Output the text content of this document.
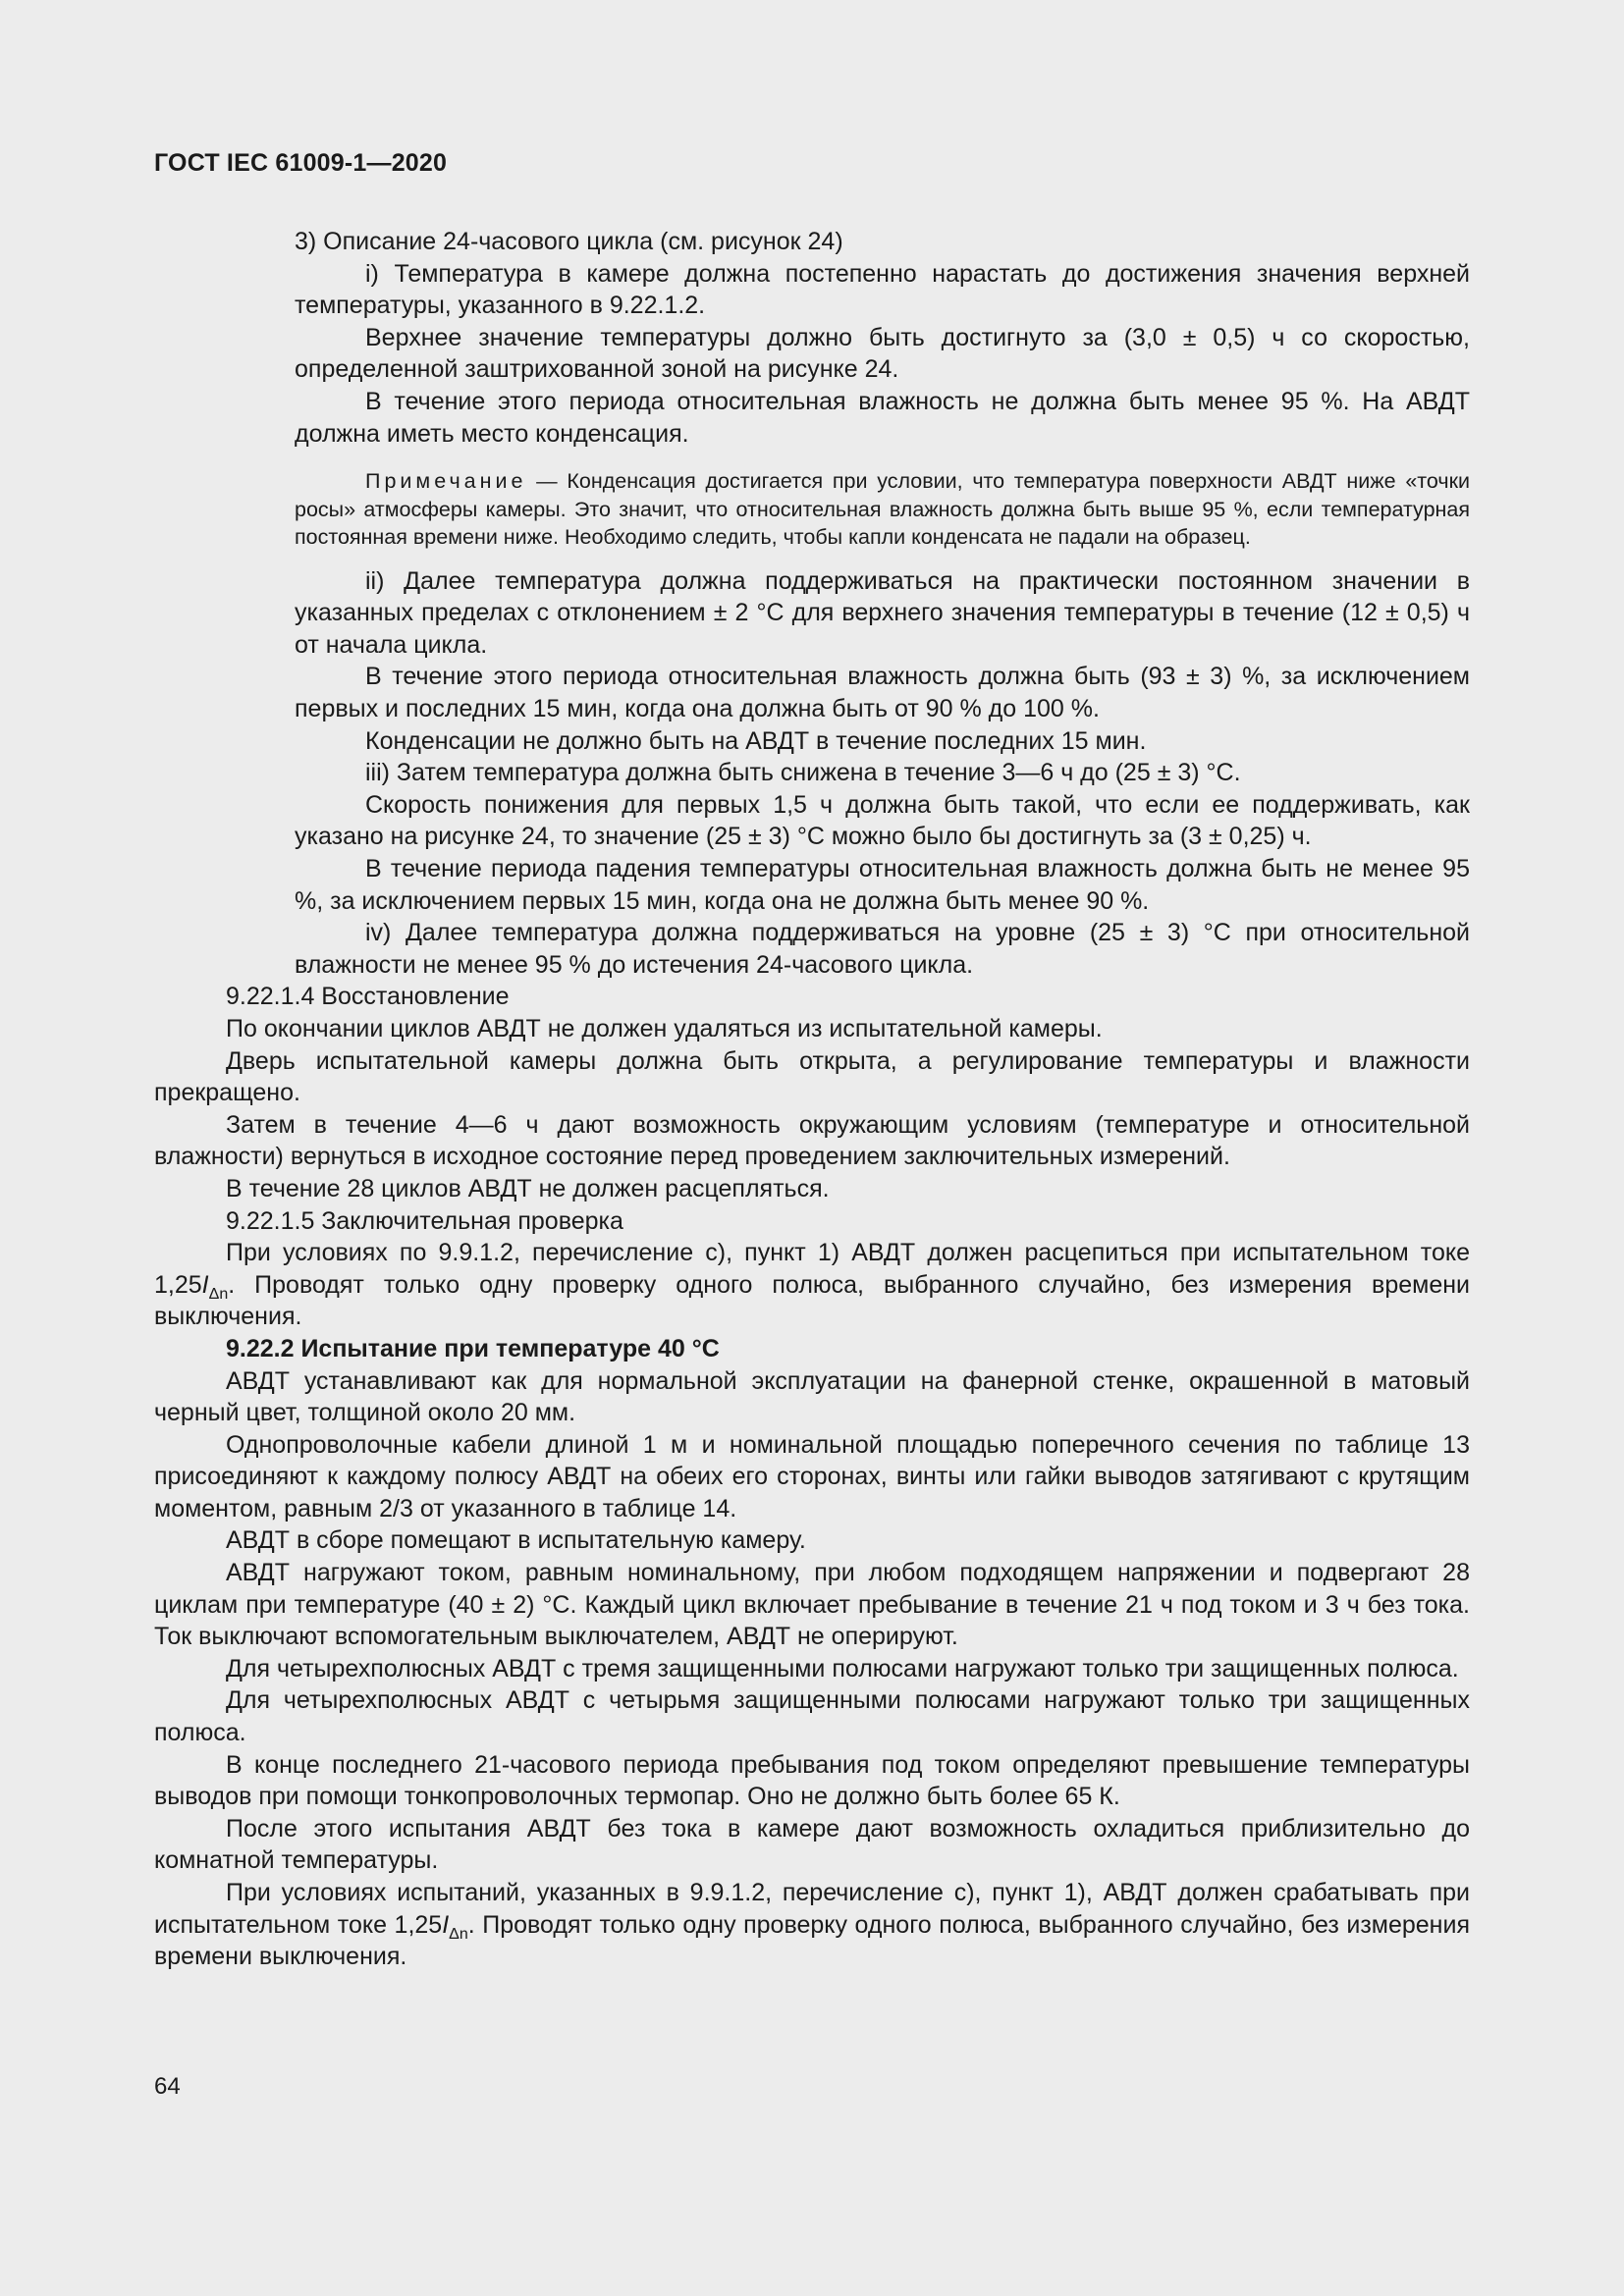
ГОСТ IEC 61009-1—2020

3) Описание 24-часового цикла (см. рисунок 24)

i) Температура в камере должна постепенно нарастать до достижения значения верхней температуры, указанного в 9.22.1.2.

Верхнее значение температуры должно быть достигнуто за (3,0 ± 0,5) ч со скоростью, определенной заштрихованной зоной на рисунке 24.

В течение этого периода относительная влажность не должна быть менее 95 %. На АВДТ должна иметь место конденсация.

Примечание — Конденсация достигается при условии, что температура поверхности АВДТ ниже «точки росы» атмосферы камеры. Это значит, что относительная влажность должна быть выше 95 %, если температурная постоянная времени ниже. Необходимо следить, чтобы капли конденсата не падали на образец.

ii) Далее температура должна поддерживаться на практически постоянном значении в указанных пределах с отклонением ± 2 °С для верхнего значения температуры в течение (12 ± 0,5) ч от начала цикла.

В течение этого периода относительная влажность должна быть (93 ± 3) %, за исключением первых и последних 15 мин, когда она должна быть от 90 % до 100 %.

Конденсации не должно быть на АВДТ в течение последних 15 мин.

iii) Затем температура должна быть снижена в течение 3—6 ч до (25 ± 3) °С.

Скорость понижения для первых 1,5 ч должна быть такой, что если ее поддерживать, как указано на рисунке 24, то значение (25 ± 3) °С можно было бы достигнуть за (3 ± 0,25) ч.

В течение периода падения температуры относительная влажность должна быть не менее 95 %, за исключением первых 15 мин, когда она не должна быть менее 90 %.

iv) Далее температура должна поддерживаться на уровне (25 ± 3) °С при относительной влажности не менее 95 % до истечения 24-часового цикла.

9.22.1.4 Восстановление

По окончании циклов АВДТ не должен удаляться из испытательной камеры.

Дверь испытательной камеры должна быть открыта, а регулирование температуры и влажности прекращено.

Затем в течение 4—6 ч дают возможность окружающим условиям (температуре и относительной влажности) вернуться в исходное состояние перед проведением заключительных измерений.

В течение 28 циклов АВДТ не должен расцепляться.

9.22.1.5 Заключительная проверка

При условиях по 9.9.1.2, перечисление с), пункт 1) АВДТ должен расцепиться при испытательном токе $1,25I_{\Delta n}$. Проводят только одну проверку одного полюса, выбранного случайно, без измерения времени выключения.

9.22.2 Испытание при температуре 40 °С

АВДТ устанавливают как для нормальной эксплуатации на фанерной стенке, окрашенной в матовый черный цвет, толщиной около 20 мм.

Однопроволочные кабели длиной 1 м и номинальной площадью поперечного сечения по таблице 13 присоединяют к каждому полюсу АВДТ на обеих его сторонах, винты или гайки выводов затягивают с крутящим моментом, равным 2/3 от указанного в таблице 14.

АВДТ в сборе помещают в испытательную камеру.

АВДТ нагружают током, равным номинальному, при любом подходящем напряжении и подвергают 28 циклам при температуре (40 ± 2) °С. Каждый цикл включает пребывание в течение 21 ч под током и 3 ч без тока. Ток выключают вспомогательным выключателем, АВДТ не оперируют.

Для четырехполюсных АВДТ с тремя защищенными полюсами нагружают только три защищенных полюса.

Для четырехполюсных АВДТ с четырьмя защищенными полюсами нагружают только три защищенных полюса.

В конце последнего 21-часового периода пребывания под током определяют превышение температуры выводов при помощи тонкопроволочных термопар. Оно не должно быть более 65 К.

После этого испытания АВДТ без тока в камере дают возможность охладиться приблизительно до комнатной температуры.

При условиях испытаний, указанных в 9.9.1.2, перечисление с), пункт 1), АВДТ должен срабатывать при испытательном токе $1,25I_{\Delta n}$. Проводят только одну проверку одного полюса, выбранного случайно, без измерения времени выключения.

64
